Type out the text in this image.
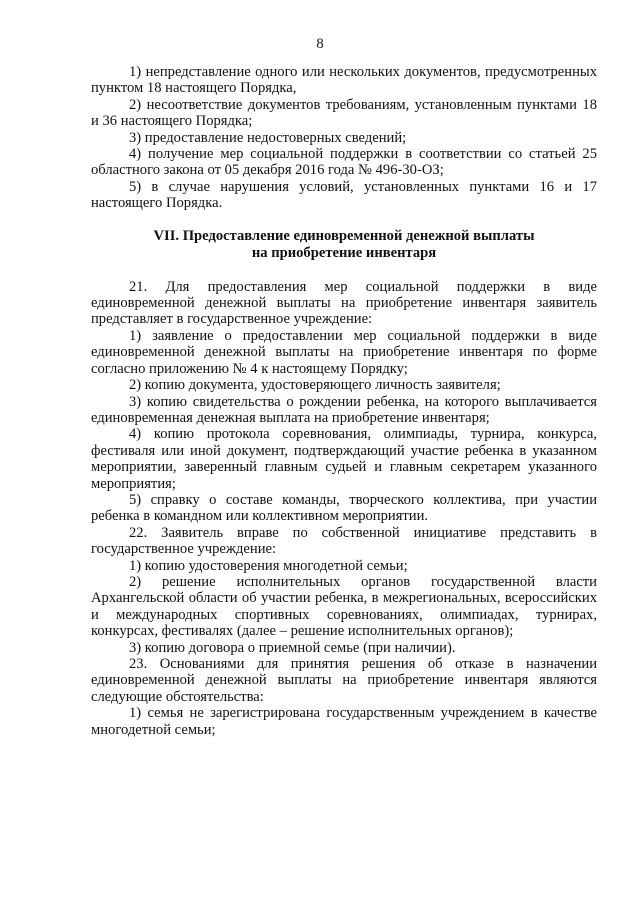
8

1) непредставление одного или нескольких документов, предусмотренных пунктом 18 настоящего Порядка,

2) несоответствие документов требованиям, установленным пунктами 18 и 36 настоящего Порядка;

3) предоставление недостоверных сведений;

4) получение мер социальной поддержки в соответствии со статьей 25 областного закона от 05 декабря 2016 года № 496-30-ОЗ;

5) в случае нарушения условий, установленных пунктами 16 и 17 настоящего Порядка.

VII. Предоставление единовременной денежной выплаты
на приобретение инвентаря

21. Для предоставления мер социальной поддержки в виде единовременной денежной выплаты на приобретение инвентаря заявитель представляет в государственное учреждение:

1) заявление о предоставлении мер социальной поддержки в виде единовременной денежной выплаты на приобретение инвентаря по форме согласно приложению № 4 к настоящему Порядку;

2) копию документа, удостоверяющего личность заявителя;

3) копию свидетельства о рождении ребенка, на которого выплачивается единовременная денежная выплата на приобретение инвентаря;

4) копию протокола соревнования, олимпиады, турнира, конкурса, фестиваля или иной документ, подтверждающий участие ребенка в указанном мероприятии, заверенный главным судьей и главным секретарем указанного мероприятия;

5) справку о составе команды, творческого коллектива, при участии ребенка в командном или коллективном мероприятии.

22. Заявитель вправе по собственной инициативе представить в государственное учреждение:

1) копию удостоверения многодетной семьи;

2) решение исполнительных органов государственной власти Архангельской области об участии ребенка, в межрегиональных, всероссийских и международных спортивных соревнованиях, олимпиадах, турнирах, конкурсах, фестивалях (далее – решение исполнительных органов);

3) копию договора о приемной семье (при наличии).

23. Основаниями для принятия решения об отказе в назначении единовременной денежной выплаты на приобретение инвентаря являются следующие обстоятельства:

1) семья не зарегистрирована государственным учреждением в качестве многодетной семьи;
